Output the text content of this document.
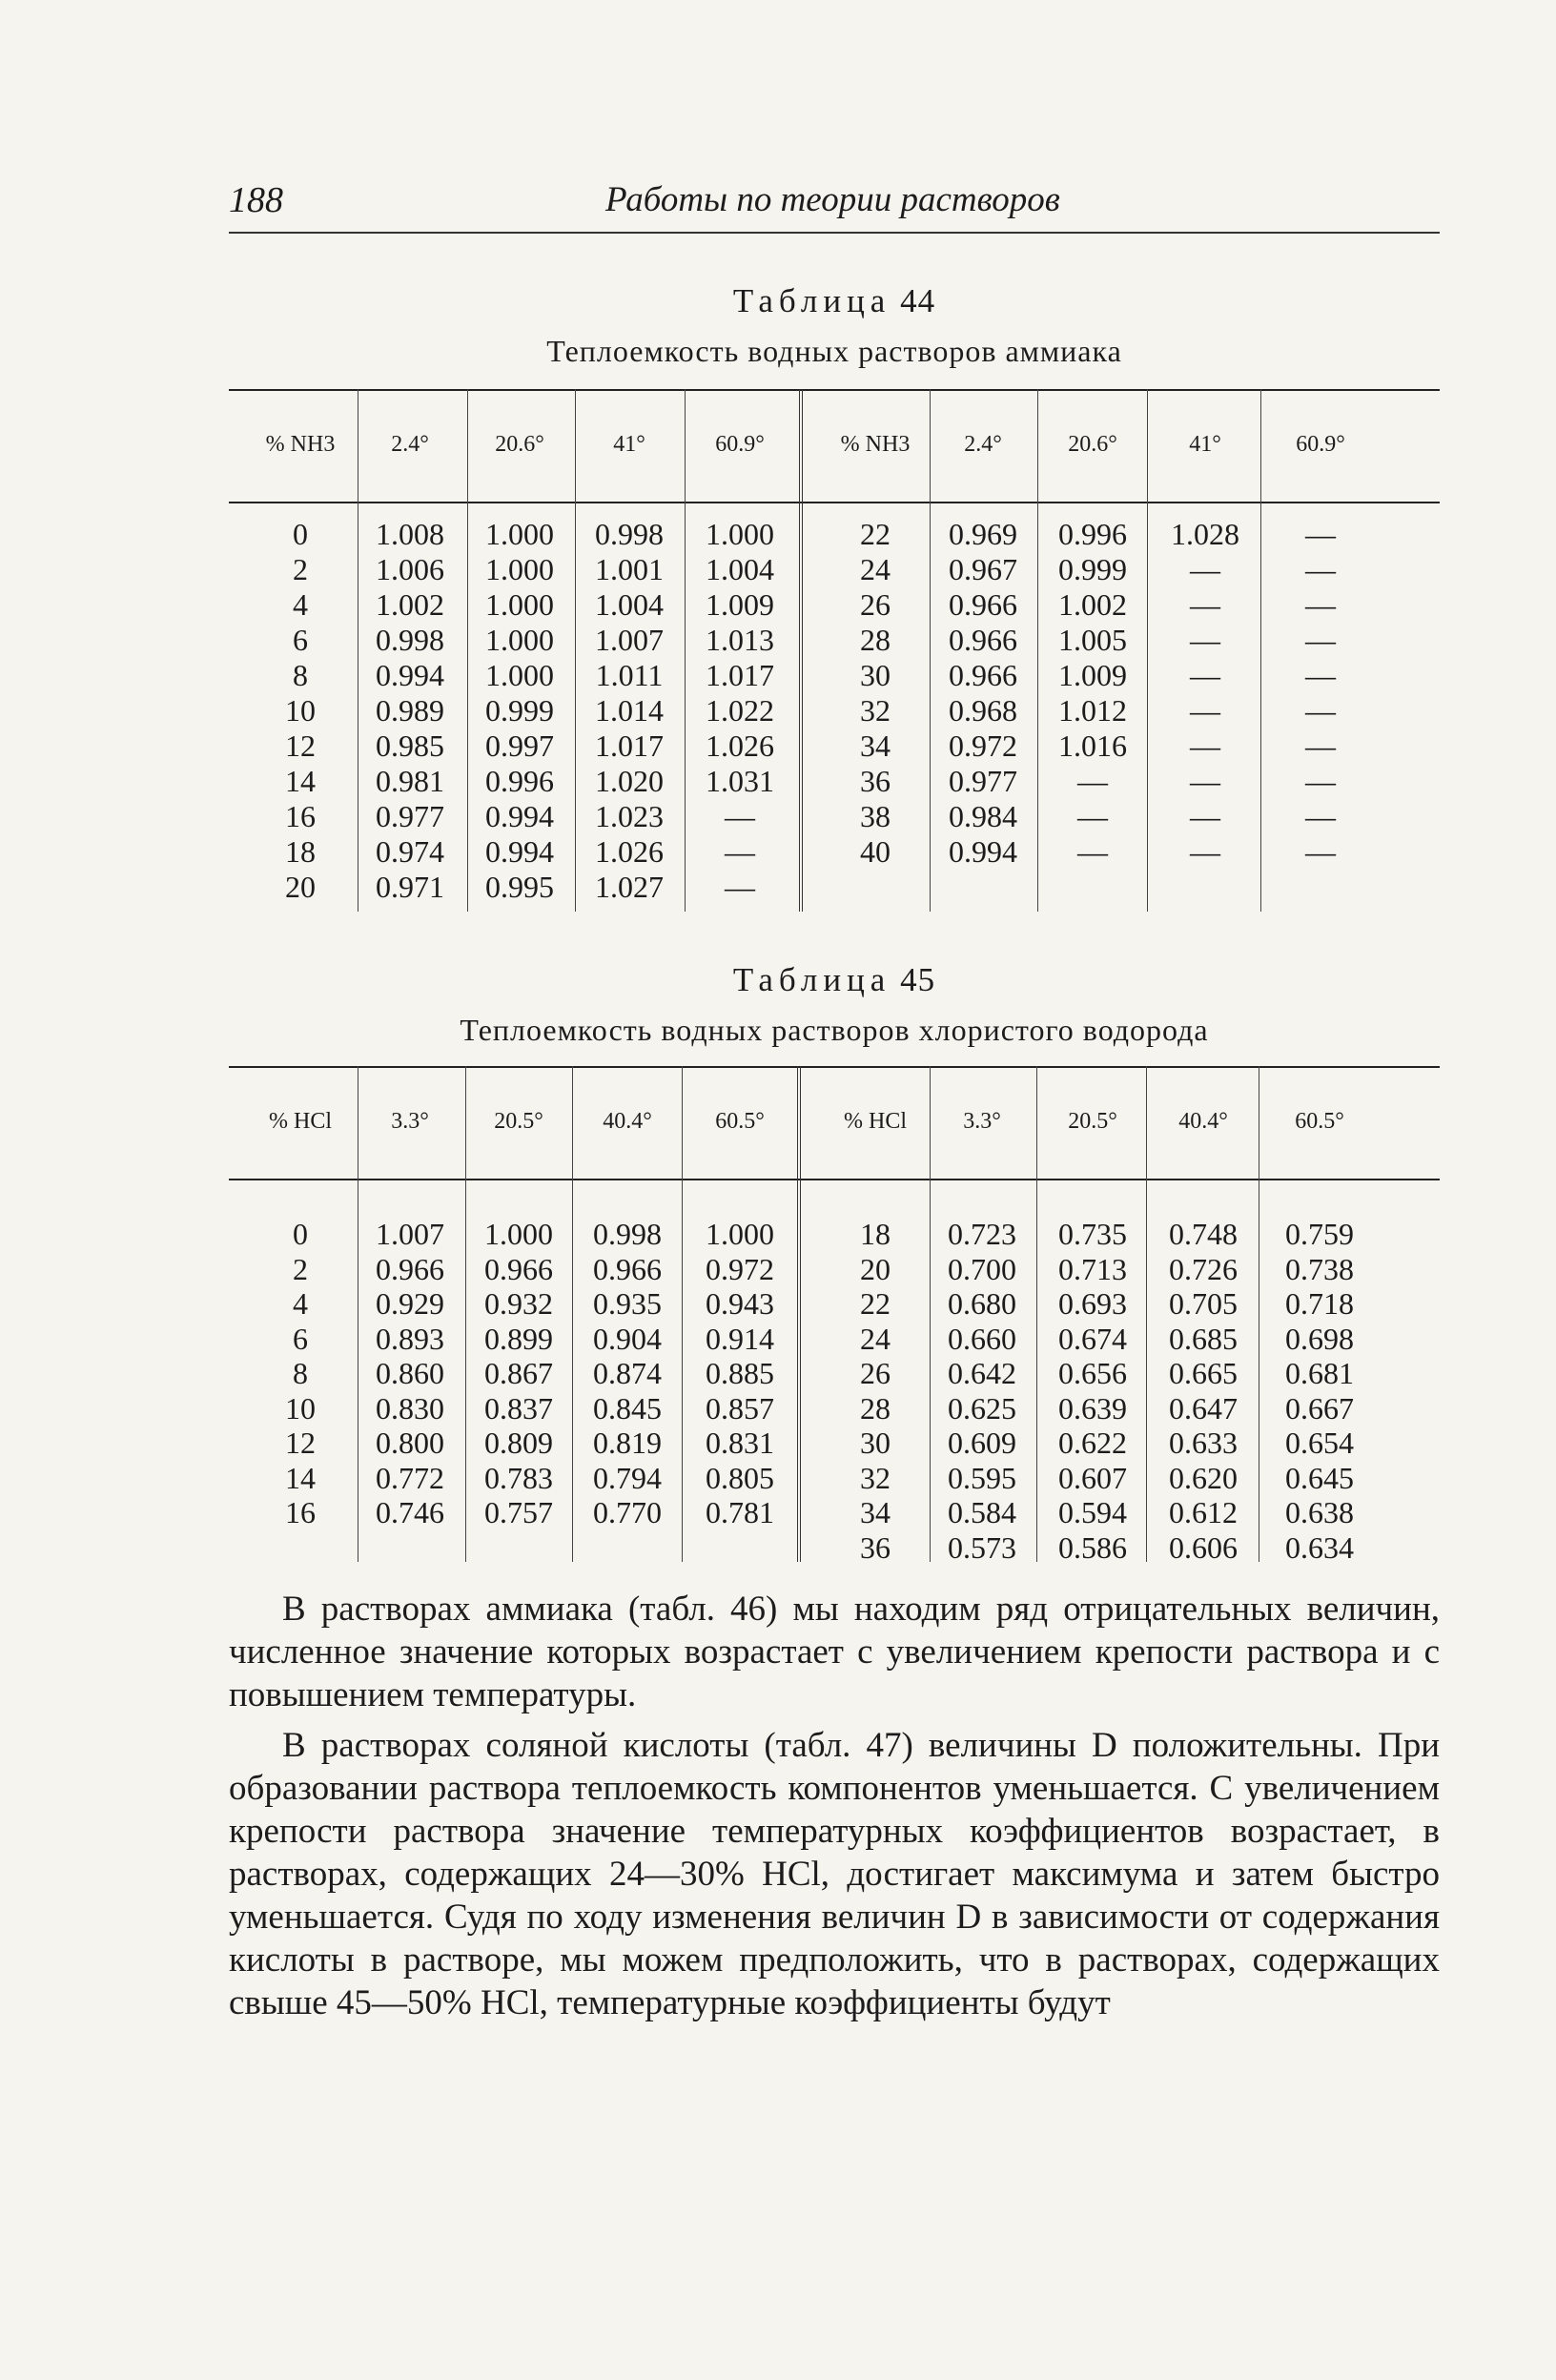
188	Работы по теории растворов
Таблица 44
Теплоемкость водных растворов аммиака
% NH3	2.4°	20.6°	41°	60.9°	% NH3	2.4°	20.6°	41°	60.9°
0	1.008	1.000	0.998	1.000
2	1.006	1.000	1.001	1.004
4	1.002	1.000	1.004	1.009
6	0.998	1.000	1.007	1.013
8	0.994	1.000	1.011	1.017
10	0.989	0.999	1.014	1.022
12	0.985	0.997	1.017	1.026
14	0.981	0.996	1.020	1.031
16	0.977	0.994	1.023	—
18	0.974	0.994	1.026	—
20	0.971	0.995	1.027	—
22	0.969	0.996	1.028	—
24	0.967	0.999	—	—
26	0.966	1.002	—	—
28	0.966	1.005	—	—
30	0.966	1.009	—	—
32	0.968	1.012	—	—
34	0.972	1.016	—	—
36	0.977	—	—	—
38	0.984	—	—	—
40	0.994	—	—	—
Таблица 45
Теплоемкость водных растворов хлористого водорода
% HCl	3.3°	20.5°	40.4°	60.5°	% HCl	3.3°	20.5°	40.4°	60.5°
0	1.007	1.000	0.998	1.000
2	0.966	0.966	0.966	0.972
4	0.929	0.932	0.935	0.943
6	0.893	0.899	0.904	0.914
8	0.860	0.867	0.874	0.885
10	0.830	0.837	0.845	0.857
12	0.800	0.809	0.819	0.831
14	0.772	0.783	0.794	0.805
16	0.746	0.757	0.770	0.781
18	0.723	0.735	0.748	0.759
20	0.700	0.713	0.726	0.738
22	0.680	0.693	0.705	0.718
24	0.660	0.674	0.685	0.698
26	0.642	0.656	0.665	0.681
28	0.625	0.639	0.647	0.667
30	0.609	0.622	0.633	0.654
32	0.595	0.607	0.620	0.645
34	0.584	0.594	0.612	0.638
36	0.573	0.586	0.606	0.634

В растворах аммиака (табл. 46) мы находим ряд отрицательных величин, численное значение которых возрастает с увеличением крепости раствора и с повышением температуры.

В растворах соляной кислоты (табл. 47) величины D положительны. При образовании раствора теплоемкость компонентов уменьшается. С увеличением крепости раствора значение температурных коэффициентов возрастает, в растворах, содержащих 24—30% HCl, достигает максимума и затем быстро уменьшается. Судя по ходу изменения величин D в зависимости от содержания кислоты в растворе, мы можем предположить, что в растворах, содержащих свыше 45—50% HCl, температурные коэффициенты будут
